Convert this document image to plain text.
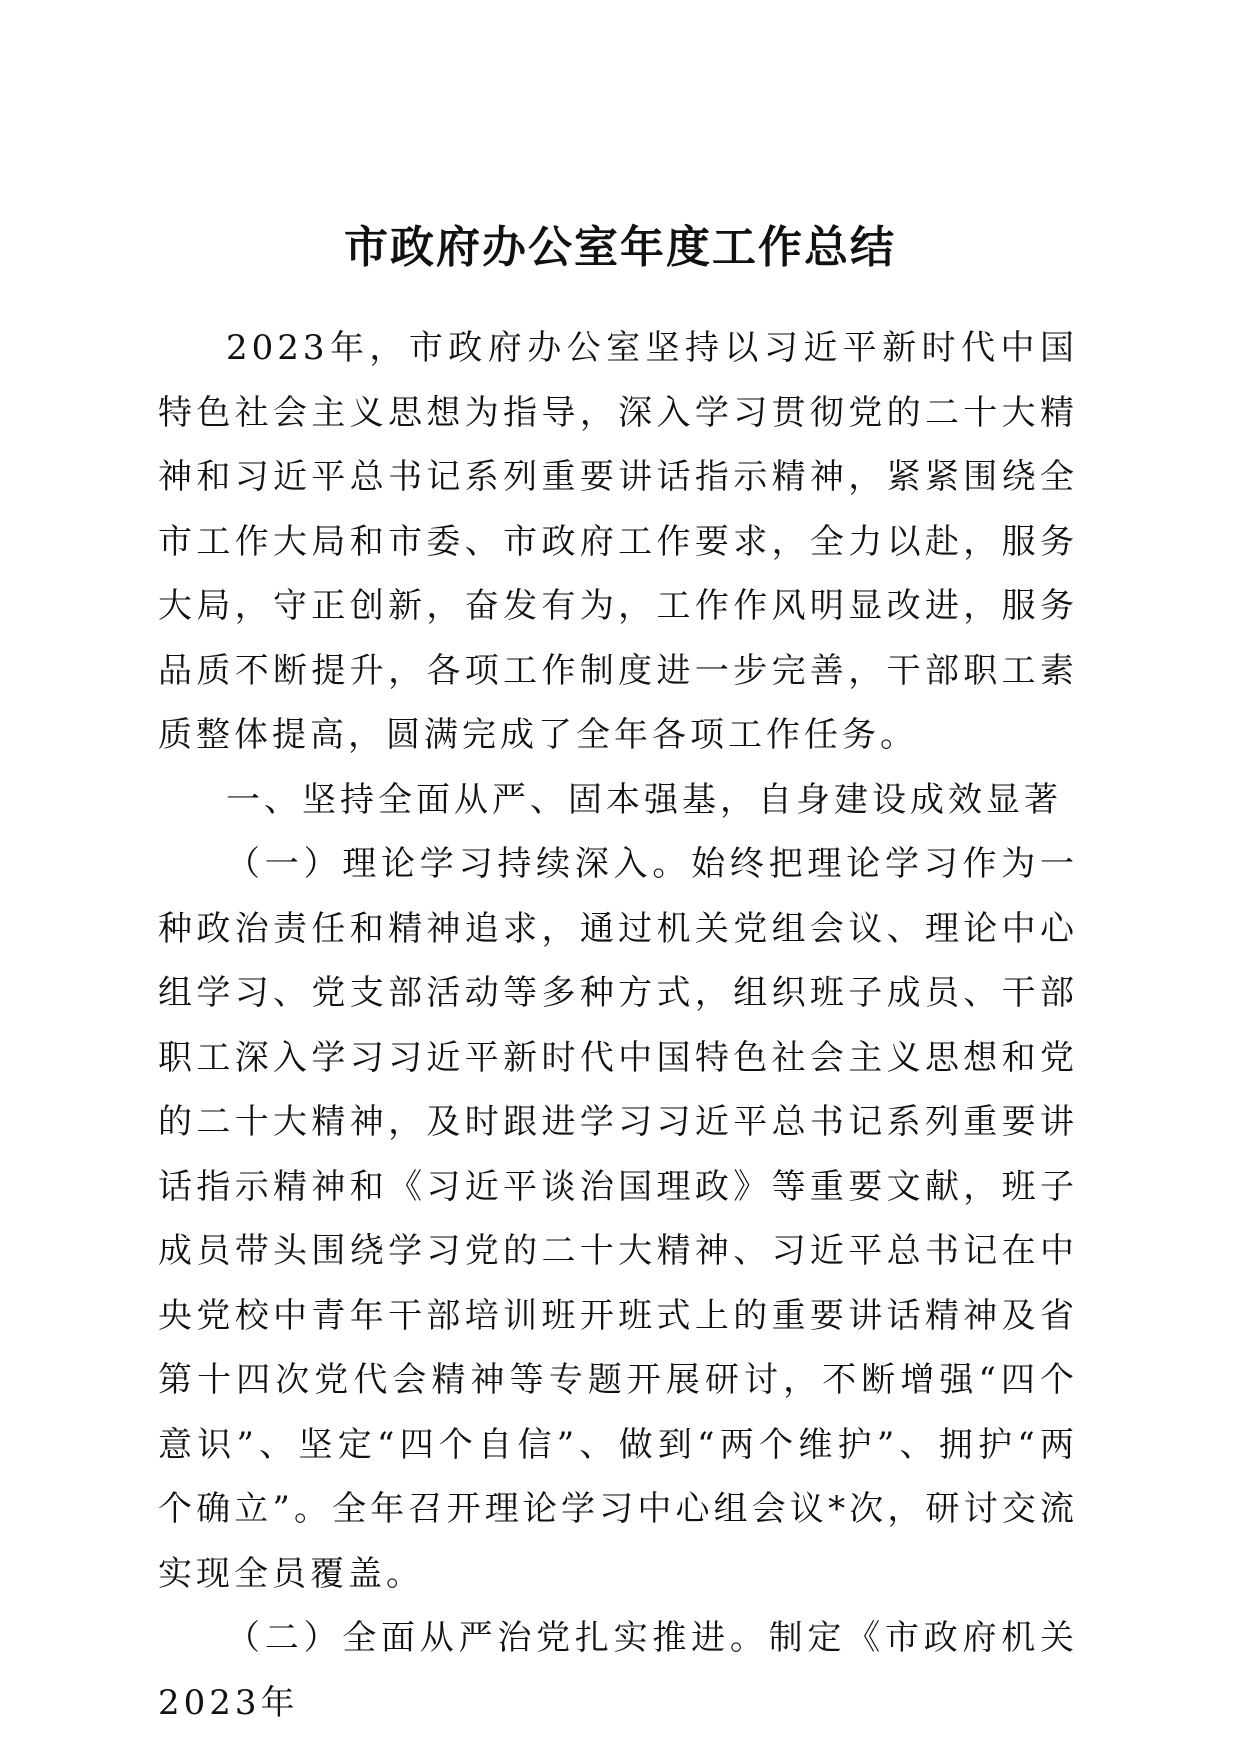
市政府办公室年度工作总结

2023年，市政府办公室坚持以习近平新时代中国特色社会主义思想为指导，深入学习贯彻党的二十大精神和习近平总书记系列重要讲话指示精神，紧紧围绕全市工作大局和市委、市政府工作要求，全力以赴，服务大局，守正创新，奋发有为，工作作风明显改进，服务品质不断提升，各项工作制度进一步完善，干部职工素质整体提高，圆满完成了全年各项工作任务。

一、坚持全面从严、固本强基，自身建设成效显著

（一）理论学习持续深入。始终把理论学习作为一种政治责任和精神追求，通过机关党组会议、理论中心组学习、党支部活动等多种方式，组织班子成员、干部职工深入学习习近平新时代中国特色社会主义思想和党的二十大精神，及时跟进学习习近平总书记系列重要讲话指示精神和《习近平谈治国理政》等重要文献，班子成员带头围绕学习党的二十大精神、习近平总书记在中央党校中青年干部培训班开班式上的重要讲话精神及省第十四次党代会精神等专题开展研讨，不断增强“四个意识”、坚定“四个自信”、做到“两个维护”、拥护“两个确立”。全年召开理论学习中心组会议*次，研讨交流实现全员覆盖。

（二）全面从严治党扎实推进。制定《市政府机关2023年
